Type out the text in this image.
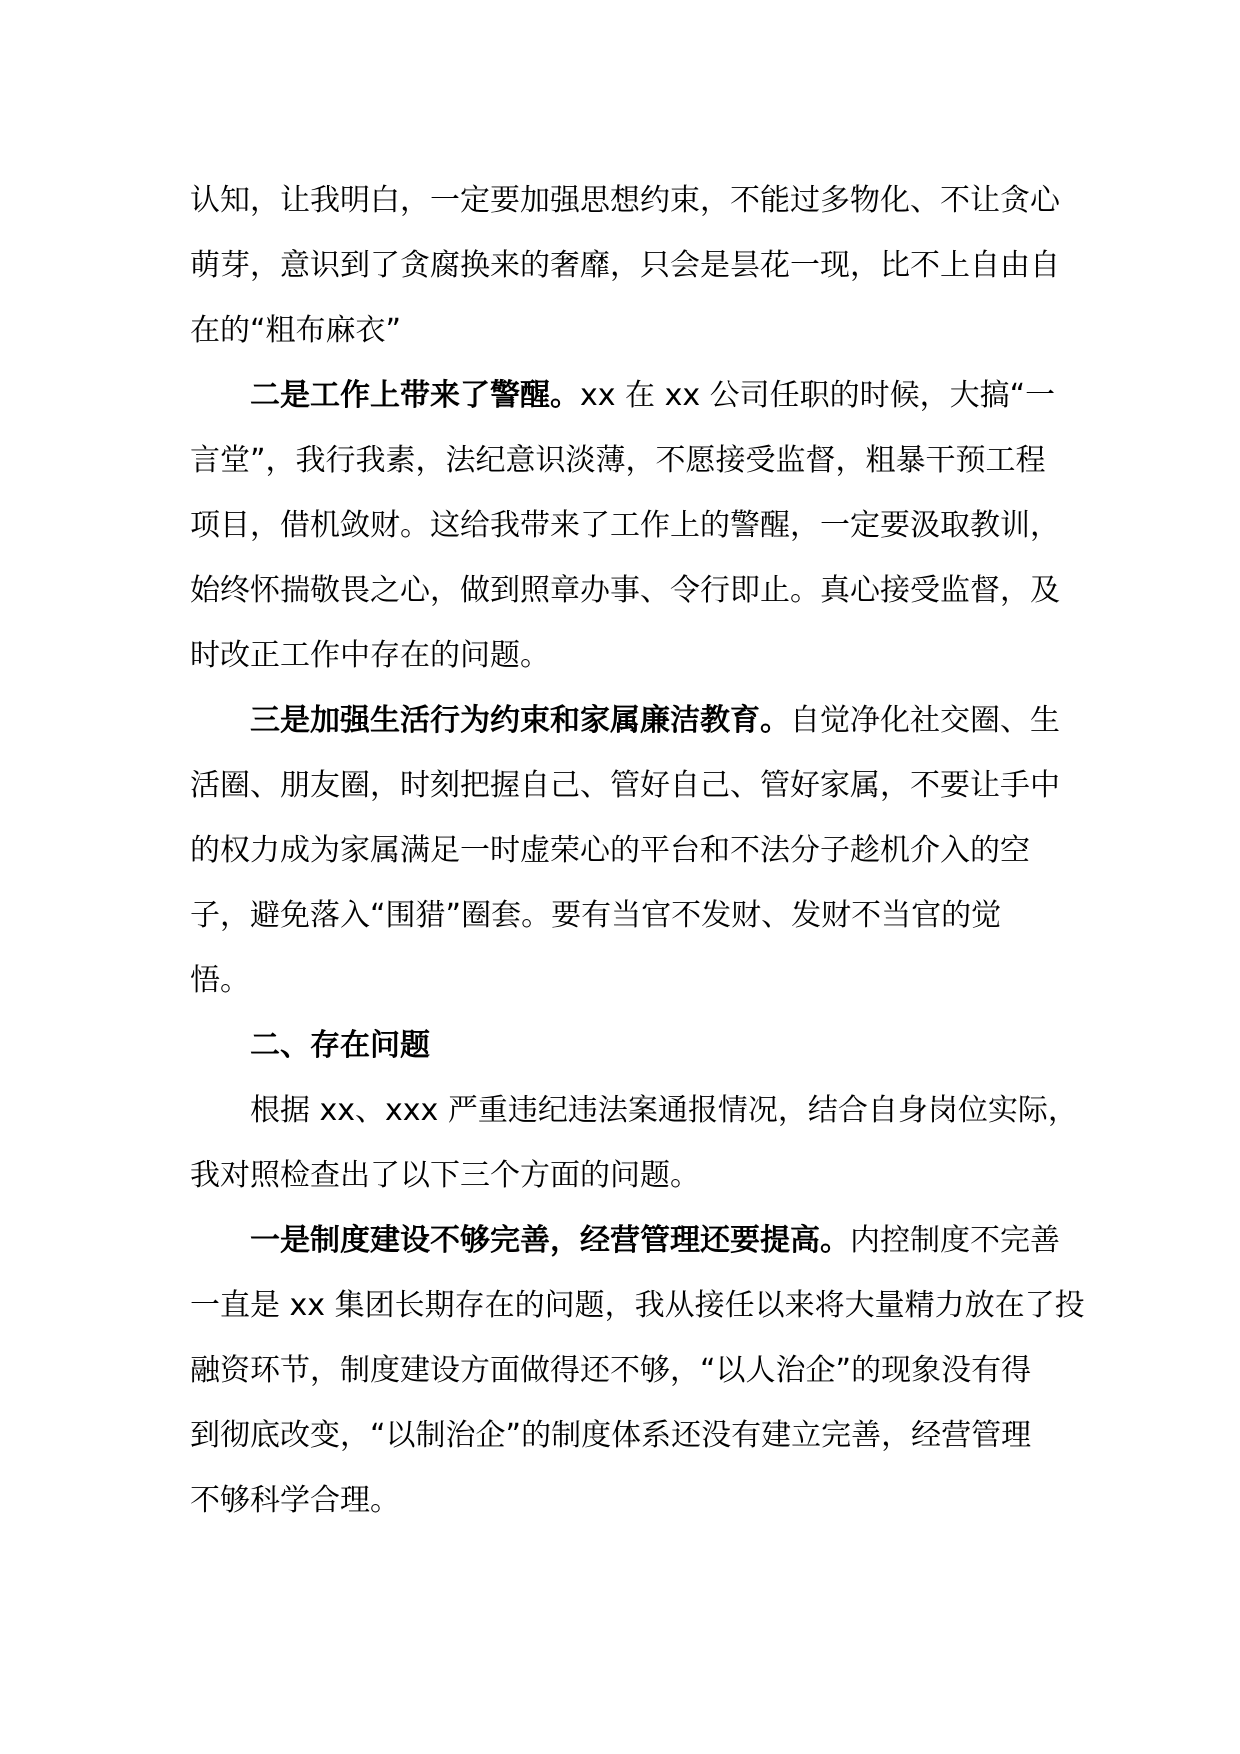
认知，让我明白，一定要加强思想约束，不能过多物化、不让贪心
萌芽，意识到了贪腐换来的奢靡，只会是昙花一现，比不上自由自
在的“粗布麻衣”
二是工作上带来了警醒。xx 在 xx 公司任职的时候，大搞“一
言堂”，我行我素，法纪意识淡薄，不愿接受监督，粗暴干预工程
项目，借机敛财。这给我带来了工作上的警醒，一定要汲取教训，
始终怀揣敬畏之心，做到照章办事、令行即止。真心接受监督，及
时改正工作中存在的问题。
三是加强生活行为约束和家属廉洁教育。自觉净化社交圈、生
活圈、朋友圈，时刻把握自己、管好自己、管好家属，不要让手中
的权力成为家属满足一时虚荣心的平台和不法分子趁机介入的空
子，避免落入“围猎”圈套。要有当官不发财、发财不当官的觉
悟。
二、存在问题
根据 xx、xxx 严重违纪违法案通报情况，结合自身岗位实际，
我对照检查出了以下三个方面的问题。
一是制度建设不够完善，经营管理还要提高。内控制度不完善
一直是 xx 集团长期存在的问题，我从接任以来将大量精力放在了投
融资环节，制度建设方面做得还不够，“以人治企”的现象没有得
到彻底改变，“以制治企”的制度体系还没有建立完善，经营管理
不够科学合理。
